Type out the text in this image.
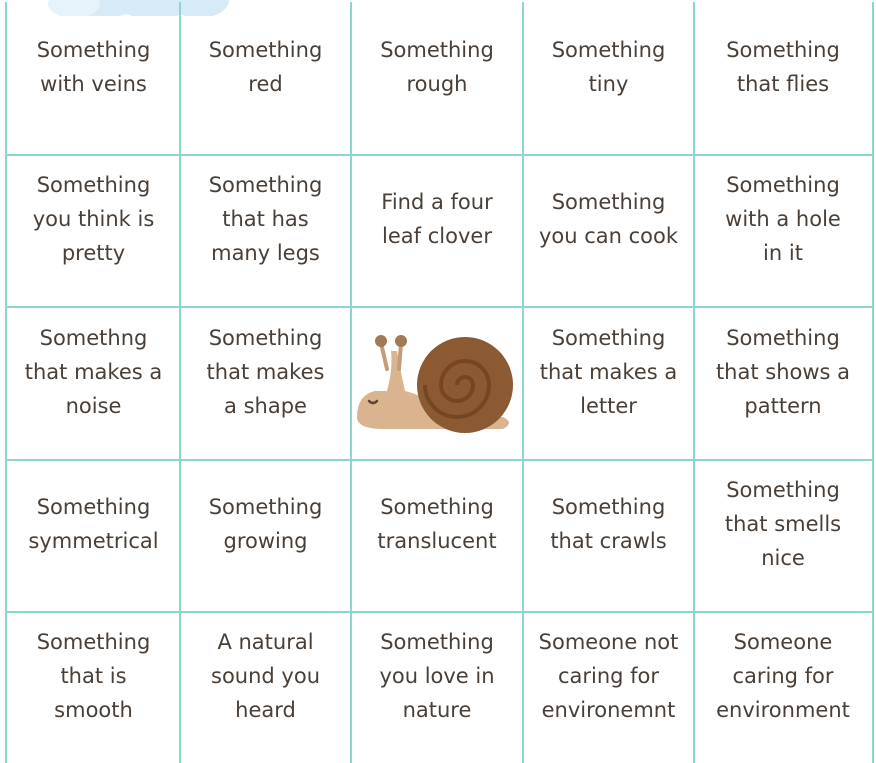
Something
with veins
Something
red
Something
rough
Something
tiny
Something
that flies
Something
you think is
pretty
Something
that has
many legs
Find a four
leaf clover
Something
you can cook
Something
with a hole
in it
Somethng
that makes a
noise
Something
that makes
a shape
Something
that makes a
letter
Something
that shows a
pattern
Something
symmetrical
Something
growing
Something
translucent
Something
that crawls
Something
that smells
nice
Something
that is
smooth
A natural
sound you
heard
Something
you love in
nature
Someone not
caring for
environemnt
Someone
caring for
environment
